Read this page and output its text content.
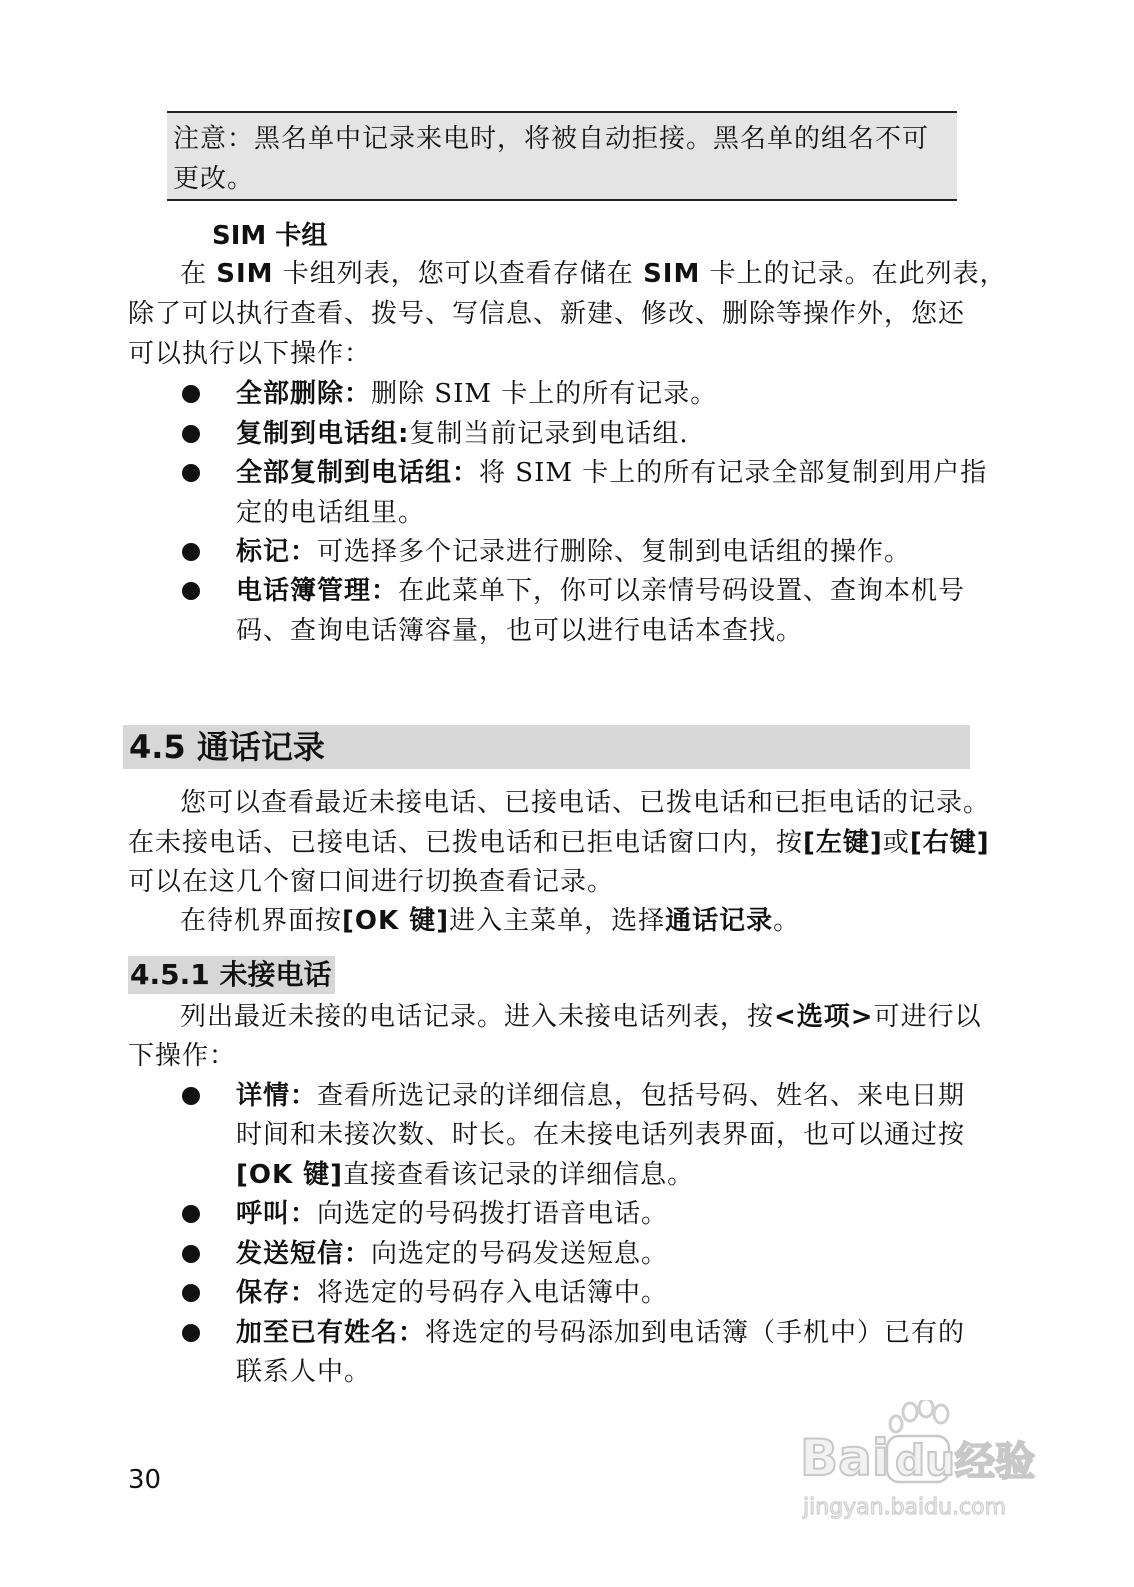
注意：黑名单中记录来电时，将被自动拒接。黑名单的组名不可更改。
SIM 卡组
在 SIM 卡组列表，您可以查看存储在 SIM 卡上的记录。在此列表，
除了可以执行查看、拨号、写信息、新建、修改、删除等操作外，您还
可以执行以下操作：
全部删除：删除 SIM 卡上的所有记录。
复制到电话组:复制当前记录到电话组.
全部复制到电话组：将 SIM 卡上的所有记录全部复制到用户指
定的电话组里。
标记：可选择多个记录进行删除、复制到电话组的操作。
电话簿管理：在此菜单下，你可以亲情号码设置、查询本机号
码、查询电话簿容量，也可以进行电话本查找。
4.5 通话记录
您可以查看最近未接电话、已接电话、已拨电话和已拒电话的记录。
在未接电话、已接电话、已拨电话和已拒电话窗口内，按[左键]或[右键]
可以在这几个窗口间进行切换查看记录。
在待机界面按[OK 键]进入主菜单，选择通话记录。
4.5.1 未接电话
列出最近未接的电话记录。进入未接电话列表，按<选项>可进行以
下操作：
详情：查看所选记录的详细信息，包括号码、姓名、来电日期
时间和未接次数、时长。在未接电话列表界面，也可以通过按
[OK 键]直接查看该记录的详细信息。
呼叫：向选定的号码拨打语音电话。
发送短信：向选定的号码发送短息。
保存：将选定的号码存入电话簿中。
加至已有姓名：将选定的号码添加到电话簿（手机中）已有的
联系人中。
30	Bai du 经验
jingyan.baidu.com
